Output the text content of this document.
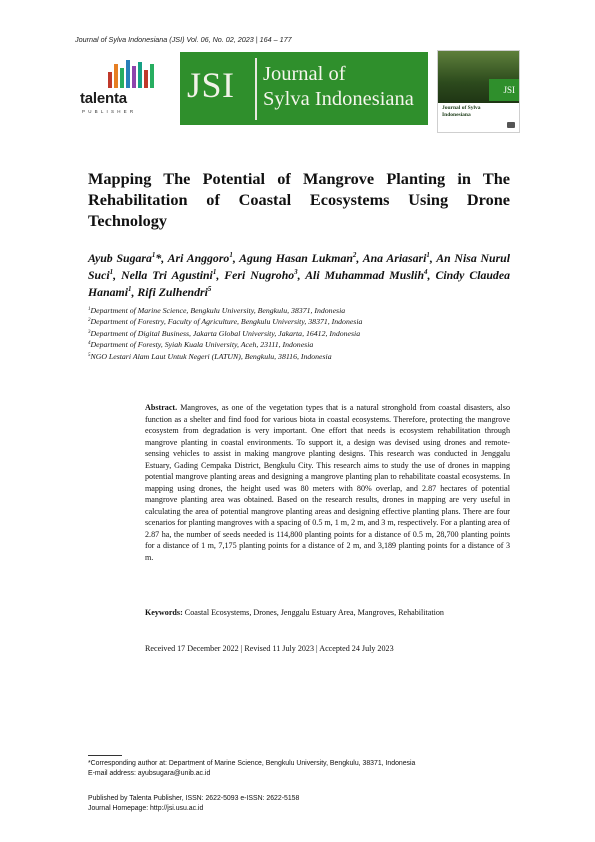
Journal of Sylva Indonesiana (JSI) Vol. 06, No. 02, 2023 | 164 – 177
talenta
PUBLISHER
JSI Journal of
Sylva Indonesiana	JSI
Journal of Sylva Indonesiana
Mapping The Potential of Mangrove Planting in The Rehabilitation of Coastal Ecosystems Using Drone Technology
Ayub Sugara$^1$*, Ari Anggoro$^1$, Agung Hasan Lukman$^2$, Ana Ariasari$^1$, An Nisa Nurul Suci$^1$, Nella Tri Agustini$^1$, Feri Nugroho$^3$, Ali Muhammad Muslih$^4$, Cindy Claudea Hanami$^1$, Rifi Zulhendri$^5$
$^1$Department of Marine Science, Bengkulu University, Bengkulu, 38371, Indonesia
$^2$Department of Forestry, Faculty of Agriculture, Bengkulu University, 38371, Indonesia
$^3$Department of Digital Business, Jakarta Global University, Jakarta, 16412, Indonesia
$^4$Department of Foresty, Syiah Kuala University, Aceh, 23111, Indonesia
$^5$NGO Lestari Alam Laut Untuk Negeri (LATUN), Bengkulu, 38116, Indonesia
Abstract. Mangroves, as one of the vegetation types that is a natural stronghold from coastal disasters, also function as a shelter and find food for various biota in coastal ecosystems. Therefore, protecting the mangrove ecosystem from degradation is very important. One effort that needs is ecosystem rehabilitation through mangrove planting in coastal environments. To support it, a design was devised using drones and remote-sensing vehicles to assist in making mangrove planting designs. This research was conducted in Jenggalu Estuary, Gading Cempaka District, Bengkulu City. This research aims to study the use of drones in mapping potential mangrove planting areas and designing a mangrove planting plan to rehabilitate coastal ecosystems. In mapping using drones, the height used was 80 meters with 80% overlap, and 2.87 hectares of potential mangrove planting area was obtained. Based on the research results, drones in mapping are very useful in calculating the area of potential mangrove planting areas and designing effective planting plans. There are four scenarios for planting mangroves with a spacing of 0.5 m, 1 m, 2 m, and 3 m, respectively. For a planting area of 2.87 ha, the number of seeds needed is 114,800 planting points for a distance of 0.5 m, 28,700 planting points for a distance of 1 m, 7,175 planting points for a distance of 2 m, and 3,189 planting points for a distance of 3 m.
Keywords: Coastal Ecosystems, Drones, Jenggalu Estuary Area, Mangroves, Rehabilitation
Received 17 December 2022 | Revised 11 July 2023 | Accepted 24 July 2023
*Corresponding author at: Department of Marine Science, Bengkulu University, Bengkulu, 38371, Indonesia
E-mail address: ayubsugara@unib.ac.id
Published by Talenta Publisher, ISSN: 2622-5093 e-ISSN: 2622-5158
Journal Homepage: http://jsi.usu.ac.id
